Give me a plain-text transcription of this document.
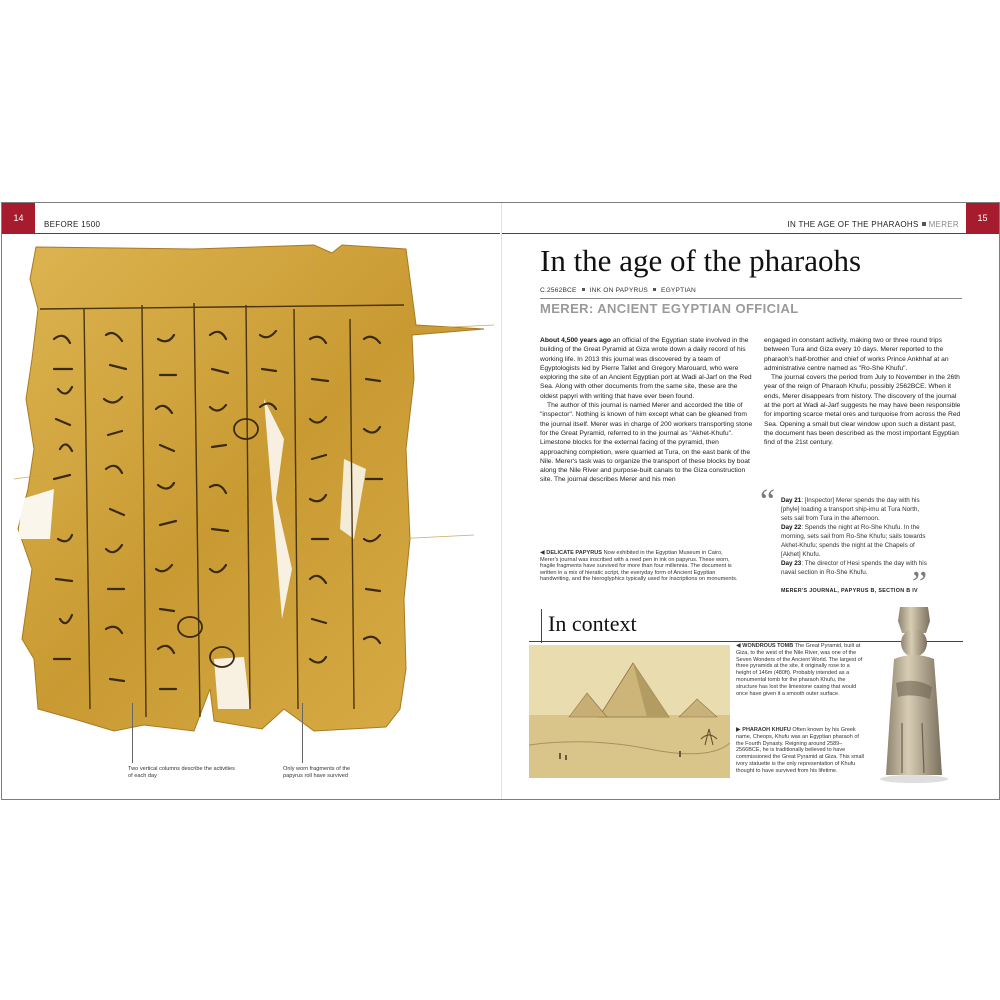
14
BEFORE 1500	IN THE AGE OF THE PHARAOHS MERER
15
Two vertical columns describe the activities of each day
Only worn fragments of the papyrus roll have survived
In the age of the pharaohs
C.2562BCE INK ON PAPYRUS EGYPTIAN
MERER: ANCIENT EGYPTIAN OFFICIAL

About 4,500 years ago an official of the Egyptian state involved in the building of the Great Pyramid at Giza wrote down a daily record of his working life. In 2013 this journal was discovered by a team of Egyptologists led by Pierre Tallet and Gregory Marouard, who were exploring the site of an Ancient Egyptian port at Wadi al-Jarf on the Red Sea. Along with other documents from the same site, these are the oldest papyri with writing that have ever been found.

The author of this journal is named Merer and accorded the title of "inspector". Nothing is known of him except what can be gleaned from the journal itself. Merer was in charge of 200 workers transporting stone for the Great Pyramid, referred to in the journal as "Akhet-Khufu". Limestone blocks for the external facing of the pyramid, then approaching completion, were quarried at Tura, on the east bank of the Nile. Merer's task was to organize the transport of these blocks by boat along the Nile River and purpose-built canals to the Giza construction site. The journal describes Merer and his men

engaged in constant activity, making two or three round trips between Tura and Giza every 10 days. Merer reported to the pharaoh's half-brother and chief of works Prince Ankhhaf at an administrative centre named as "Ro-She Khufu".

The journal covers the period from July to November in the 26th year of the reign of Pharaoh Khufu, possibly 2562BCE. When it ends, Merer disappears from history. The discovery of the journal at the port at Wadi al-Jarf suggests he may have been responsible for importing scarce metal ores and turquoise from across the Red Sea. Opening a small but clear window upon such a distant past, the document has been described as the most important Egyptian find of the 21st century.

◀ DELICATE PAPYRUS Now exhibited in the Egyptian Museum in Cairo, Merer's journal was inscribed with a reed pen in ink on papyrus. These worn, fragile fragments have survived for more than four millennia. The document is written in a mix of hieratic script, the everyday form of Ancient Egyptian handwriting, and the hieroglyphics typically used for inscriptions on monuments.
“ Day 21: [Inspector] Merer spends the day with his [phyle] loading a transport ship-imu at Tura North, sets sail from Tura in the afternoon.
Day 22: Spends the night at Ro-She Khufu. In the morning, sets sail from Ro-She Khufu; sails towards Akhet-Khufu; spends the night at the Chapels of [Akhet] Khufu.
Day 23: The director of Hesi spends the day with his naval section in Ro-She Khufu.	”
MERER'S JOURNAL, PAPYRUS B, SECTION B IV
In context
◀ WONDROUS TOMB The Great Pyramid, built at Giza, to the west of the Nile River, was one of the Seven Wonders of the Ancient World. The largest of three pyramids at the site, it originally rose to a height of 146m (480ft). Probably intended as a monumental tomb for the pharaoh Khufu, the structure has lost the limestone casing that would once have given it a smooth outer surface.
▶ PHARAOH KHUFU Often known by his Greek name, Cheops, Khufu was an Egyptian pharaoh of the Fourth Dynasty. Reigning around 2589–2566BCE, he is traditionally believed to have commissioned the Great Pyramid at Giza. This small ivory statuette is the only representation of Khufu thought to have survived from his lifetime.
